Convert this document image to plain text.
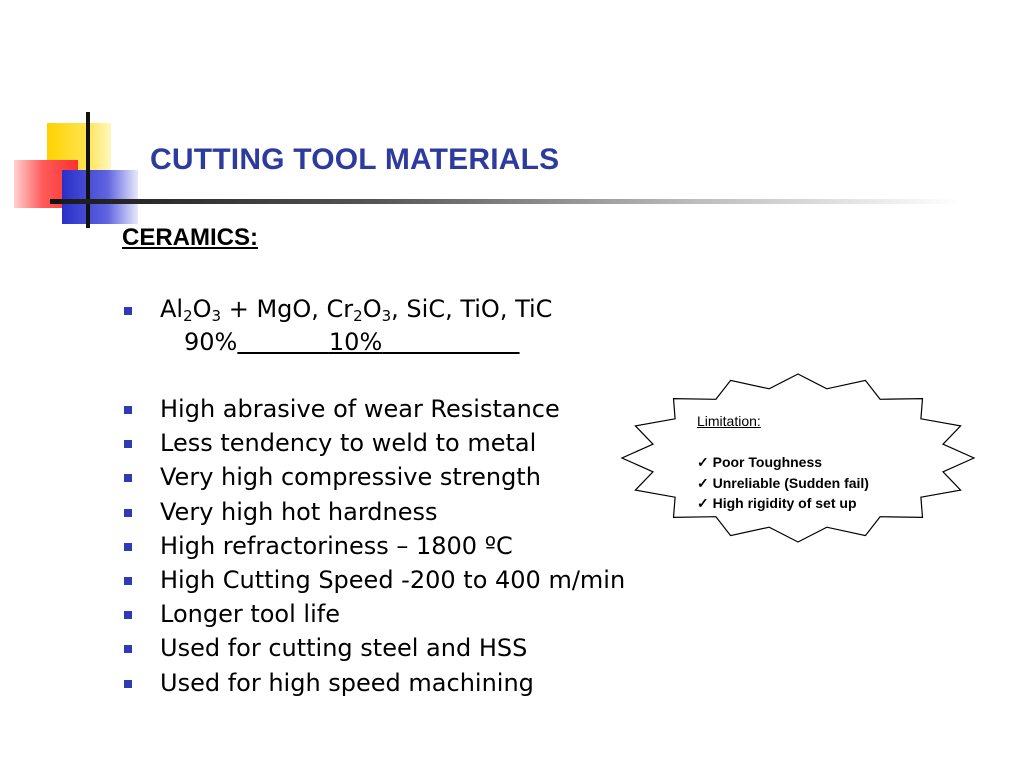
CUTTING TOOL MATERIALS
CERAMICS:
$Al_2O_3$ + MgO, $Cr_2O_3$, SiC, TiO, TiC
90%	10%
High abrasive of wear Resistance
Less tendency to weld to metal
Very high compressive strength
Very high hot hardness
High refractoriness – 1800 ºC
High Cutting Speed -200 to 400 m/min
Longer tool life
Used for cutting steel and HSS
Used for high speed machining
Limitation:

✓ Poor Toughness
✓ Unreliable (Sudden fail)
✓ High rigidity of set up
